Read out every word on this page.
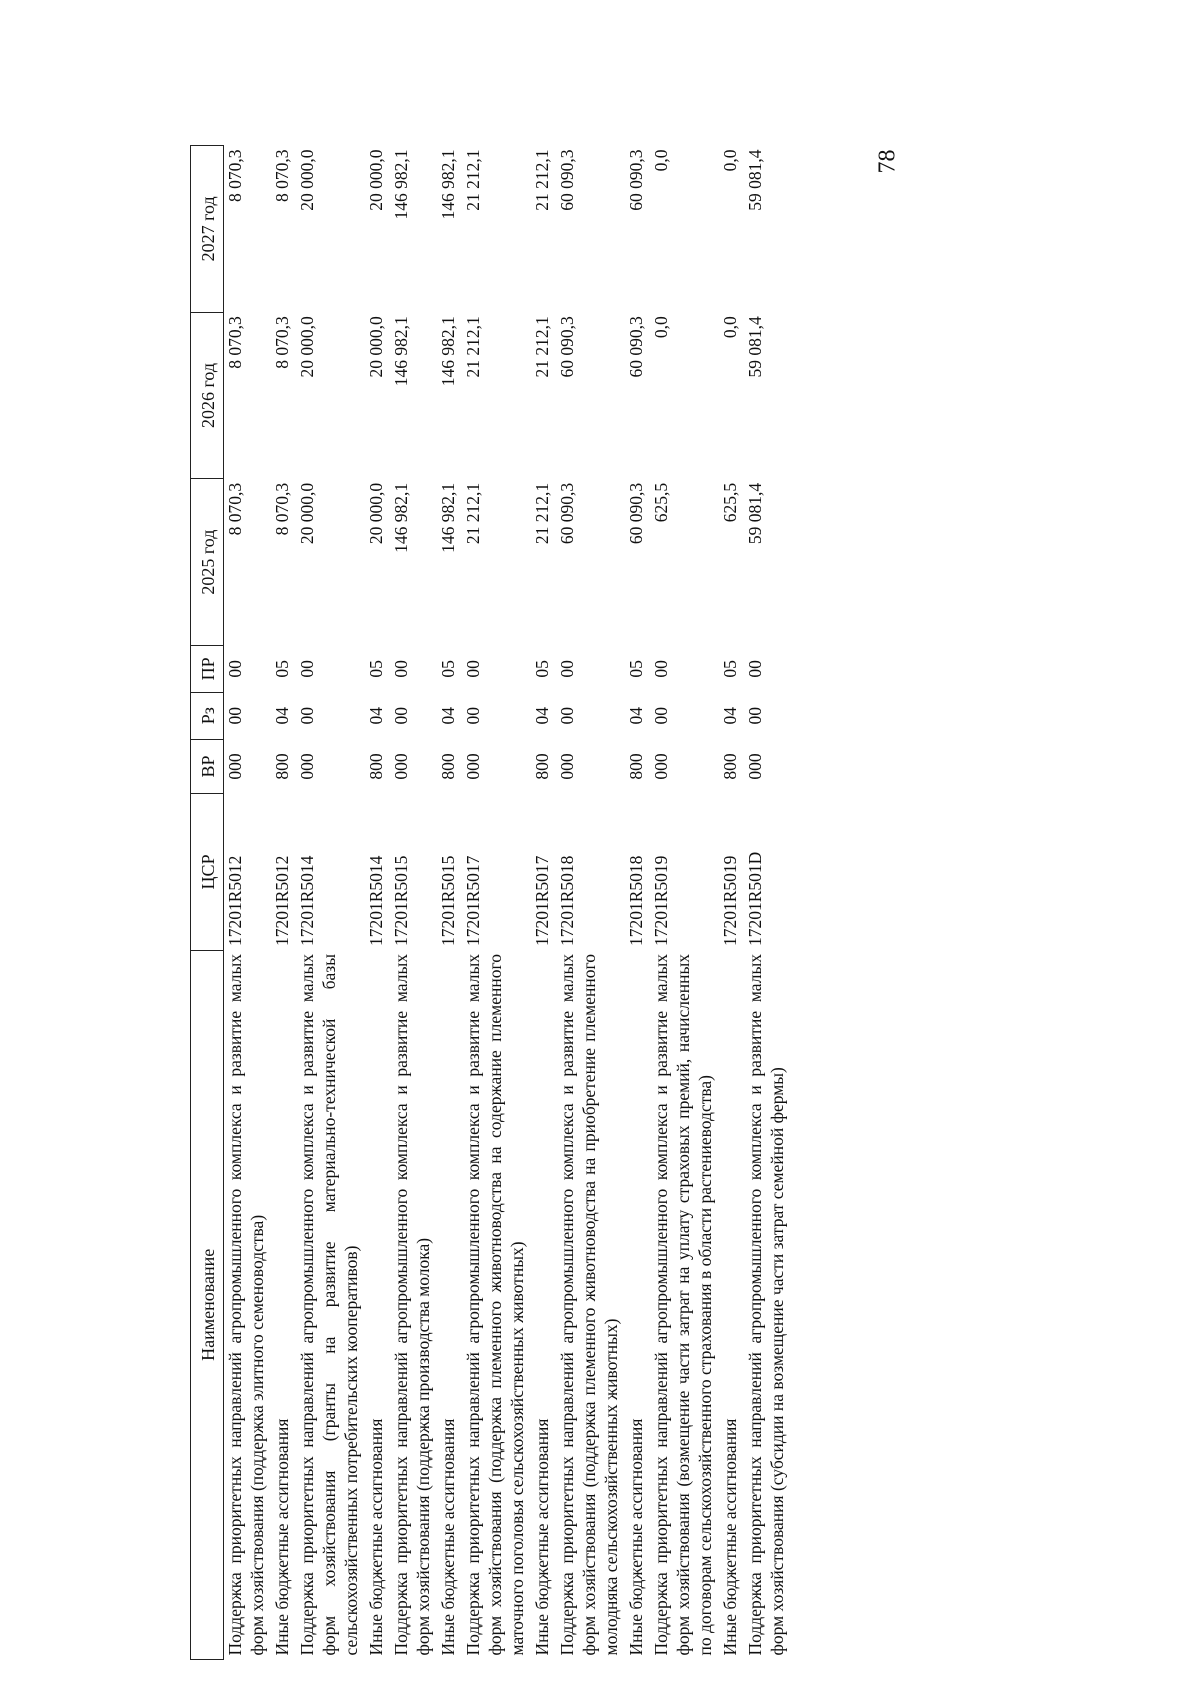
78
Наименование	ЦСР	ВР	Рз	ПР	2025 год	2026 год	2027 год
Поддержка приоритетных направлений агропромышленного комплекса и развитие малых форм хозяйствования (поддержка элитного семеноводства)	17201R5012	000	00	00	8 070,3	8 070,3	8 070,3
Иные бюджетные ассигнования	17201R5012	800	04	05	8 070,3	8 070,3	8 070,3
Поддержка приоритетных направлений агропромышленного комплекса и развитие малых форм хозяйствования (гранты на развитие материально-технической базы сельскохозяйственных потребительских кооперативов)	17201R5014	000	00	00	20 000,0	20 000,0	20 000,0
Иные бюджетные ассигнования	17201R5014	800	04	05	20 000,0	20 000,0	20 000,0
Поддержка приоритетных направлений агропромышленного комплекса и развитие малых форм хозяйствования (поддержка производства молока)	17201R5015	000	00	00	146 982,1	146 982,1	146 982,1
Иные бюджетные ассигнования	17201R5015	800	04	05	146 982,1	146 982,1	146 982,1
Поддержка приоритетных направлений агропромышленного комплекса и развитие малых форм хозяйствования (поддержка племенного животноводства на содержание племенного маточного поголовья сельскохозяйственных животных)	17201R5017	000	00	00	21 212,1	21 212,1	21 212,1
Иные бюджетные ассигнования	17201R5017	800	04	05	21 212,1	21 212,1	21 212,1
Поддержка приоритетных направлений агропромышленного комплекса и развитие малых форм хозяйствования (поддержка племенного животноводства на приобретение племенного молодняка сельскохозяйственных животных)	17201R5018	000	00	00	60 090,3	60 090,3	60 090,3
Иные бюджетные ассигнования	17201R5018	800	04	05	60 090,3	60 090,3	60 090,3
Поддержка приоритетных направлений агропромышленного комплекса и развитие малых форм хозяйствования (возмещение части затрат на уплату страховых премий, начисленных по договорам сельскохозяйственного страхования в области растениеводства)	17201R5019	000	00	00	625,5	0,0	0,0
Иные бюджетные ассигнования	17201R5019	800	04	05	625,5	0,0	0,0
Поддержка приоритетных направлений агропромышленного комплекса и развитие малых форм хозяйствования (субсидии на возмещение части затрат семейной фермы)	17201R501D	000	00	00	59 081,4	59 081,4	59 081,4
